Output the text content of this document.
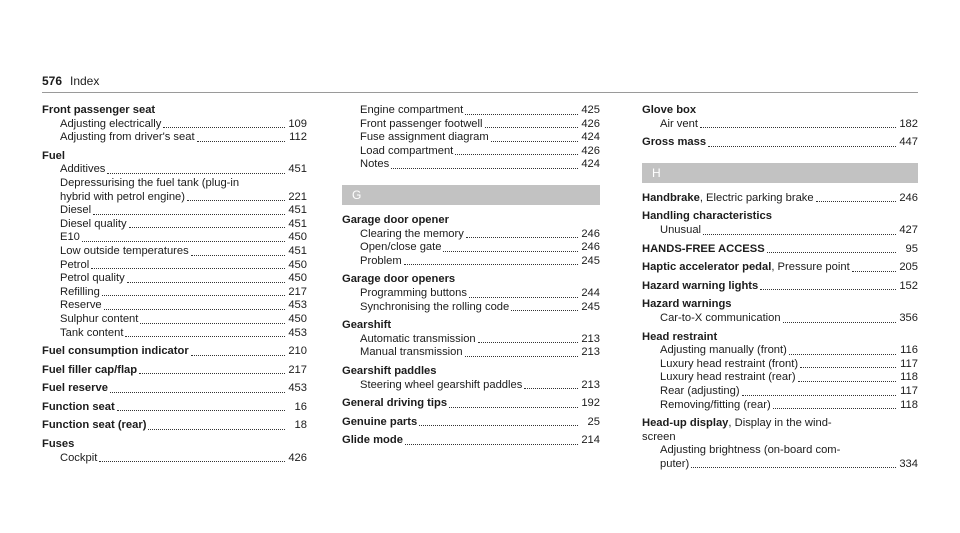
576 Index
Front passenger seat
Adjusting electrically	109
Adjusting from driver's seat	112
Fuel
Additives	451
Depressurising the fuel tank (plug-in
hybrid with petrol engine)	221
Diesel	451
Diesel quality	451
E10	450
Low outside temperatures	451
Petrol	450
Petrol quality	450
Refilling	217
Reserve	453
Sulphur content	450
Tank content	453
Fuel consumption indicator	210
Fuel filler cap/flap	217
Fuel reserve	453
Function seat	16
Function seat (rear)	18
Fuses
Cockpit	426
Engine compartment	425
Front passenger footwell	426
Fuse assignment diagram	424
Load compartment	426
Notes	424
G
Garage door opener
Clearing the memory	246
Open/close gate	246
Problem	245
Garage door openers
Programming buttons	244
Synchronising the rolling code	245
Gearshift
Automatic transmission	213
Manual transmission	213
Gearshift paddles
Steering wheel gearshift paddles	213
General driving tips	192
Genuine parts	25
Glide mode	214
Glove box
Air vent	182
Gross mass	447
H
Handbrake, Electric parking brake	246
Handling characteristics
Unusual	427
HANDS-FREE ACCESS	95
Haptic accelerator pedal, Pressure point	205
Hazard warning lights	152
Hazard warnings
Car-to-X communication	356
Head restraint
Adjusting manually (front)	116
Luxury head restraint (front)	117
Luxury head restraint (rear)	118
Rear (adjusting)	117
Removing/fitting (rear)	118
Head-up display, Display in the wind-
screen
Adjusting brightness (on-board com-
puter)	334
